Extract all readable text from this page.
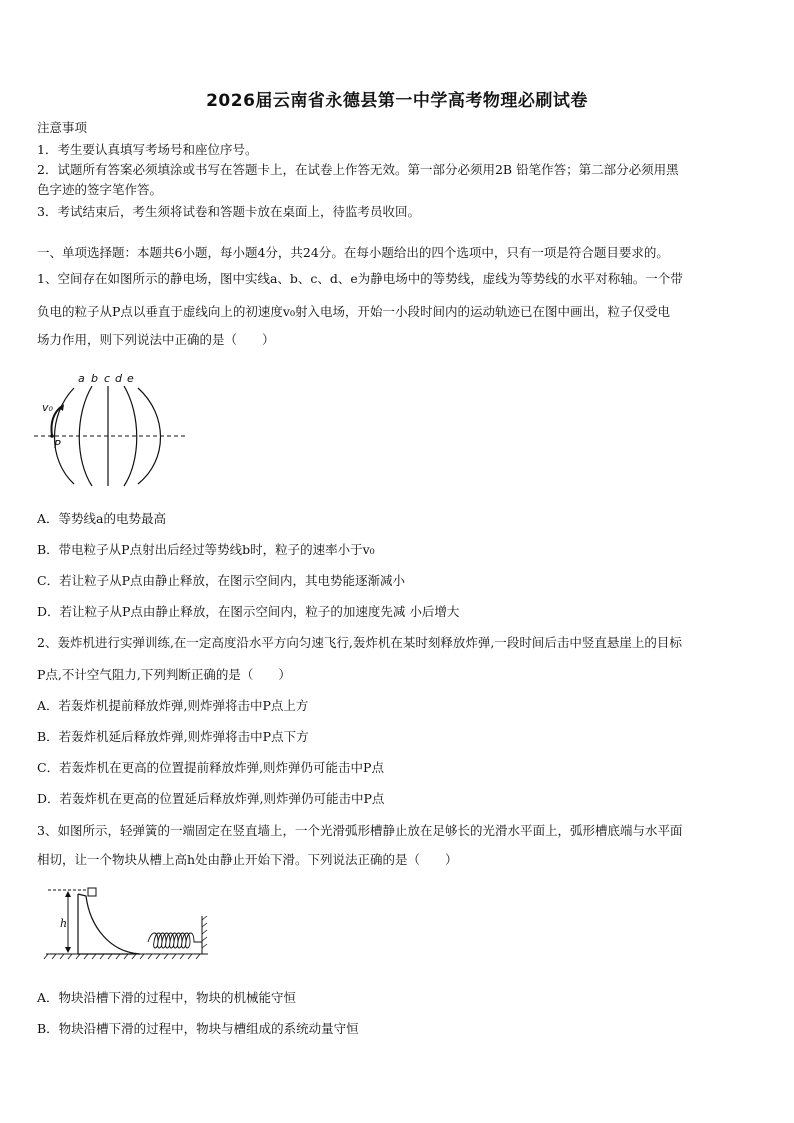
2026届云南省永德县第一中学高考物理必刷试卷
注意事项
1．考生要认真填写考场号和座位序号。
2．试题所有答案必须填涂或书写在答题卡上，在试卷上作答无效。第一部分必须用2B 铅笔作答；第二部分必须用黑
色字迹的签字笔作答。
3．考试结束后，考生须将试卷和答题卡放在桌面上，待监考员收回。
一、单项选择题：本题共6小题，每小题4分，共24分。在每小题给出的四个选项中，只有一项是符合题目要求的。
1、空间存在如图所示的静电场，图中实线a、b、c、d、e为静电场中的等势线，虚线为等势线的水平对称轴。一个带
负电的粒子从P点以垂直于虚线向上的初速度v₀射入电场，开始一小段时间内的运动轨迹已在图中画出，粒子仅受电
场力作用，则下列说法中正确的是（　　）
a b c d e
v₀
P
A．等势线a的电势最高
B．带电粒子从P点射出后经过等势线b时，粒子的速率小于v₀
C．若让粒子从P点由静止释放，在图示空间内，其电势能逐渐减小
D．若让粒子从P点由静止释放，在图示空间内，粒子的加速度先减 小后增大
2、轰炸机进行实弹训练,在一定高度沿水平方向匀速飞行,轰炸机在某时刻释放炸弹,一段时间后击中竖直悬崖上的目标
P点,不计空气阻力,下列判断正确的是（　　）
A．若轰炸机提前释放炸弹,则炸弹将击中P点上方
B．若轰炸机延后释放炸弹,则炸弹将击中P点下方
C．若轰炸机在更高的位置提前释放炸弹,则炸弹仍可能击中P点
D．若轰炸机在更高的位置延后释放炸弹,则炸弹仍可能击中P点
3、如图所示，轻弹簧的一端固定在竖直墙上，一个光滑弧形槽静止放在足够长的光滑水平面上，弧形槽底端与水平面
相切，让一个物块从槽上高h处由静止开始下滑。下列说法正确的是（　　）
h
A．物块沿槽下滑的过程中，物块的机械能守恒
B．物块沿槽下滑的过程中，物块与槽组成的系统动量守恒
